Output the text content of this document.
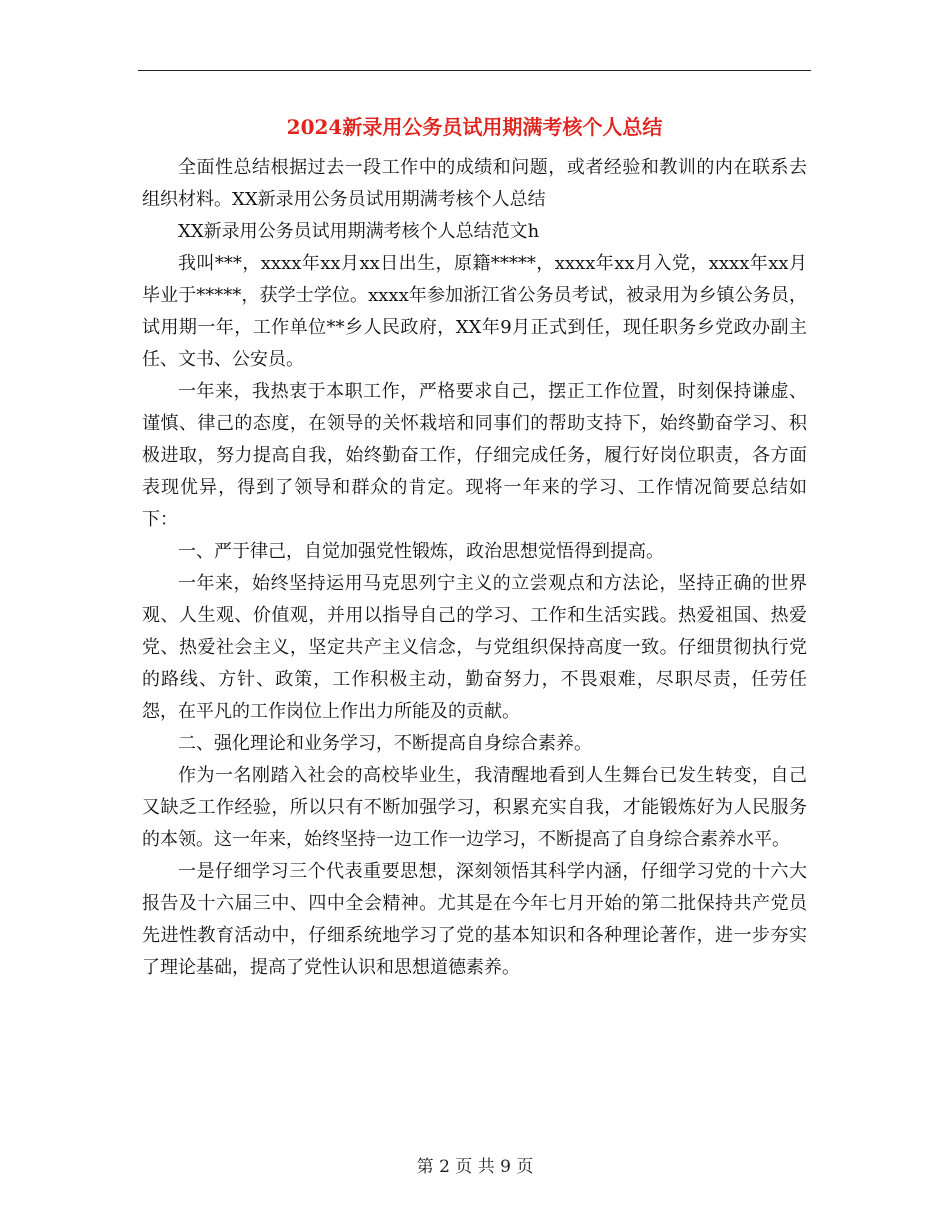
2024新录用公务员试用期满考核个人总结

全面性总结根据过去一段工作中的成绩和问题，或者经验和教训的内在联系去组织材料。XX新录用公务员试用期满考核个人总结

XX新录用公务员试用期满考核个人总结范文h

我叫***，xxxx年xx月xx日出生，原籍*****，xxxx年xx月入党，xxxx年xx月毕业于*****，获学士学位。xxxx年参加浙江省公务员考试，被录用为乡镇公务员，试用期一年，工作单位**乡人民政府，XX年9月正式到任，现任职务乡党政办副主任、文书、公安员。

一年来，我热衷于本职工作，严格要求自己，摆正工作位置，时刻保持谦虚、谨慎、律己的态度，在领导的关怀栽培和同事们的帮助支持下，始终勤奋学习、积极进取，努力提高自我，始终勤奋工作，仔细完成任务，履行好岗位职责，各方面表现优异，得到了领导和群众的肯定。现将一年来的学习、工作情况简要总结如下：

一、严于律己，自觉加强党性锻炼，政治思想觉悟得到提高。

一年来，始终坚持运用马克思列宁主义的立尝观点和方法论，坚持正确的世界观、人生观、价值观，并用以指导自己的学习、工作和生活实践。热爱祖国、热爱党、热爱社会主义，坚定共产主义信念，与党组织保持高度一致。仔细贯彻执行党的路线、方针、政策，工作积极主动，勤奋努力，不畏艰难，尽职尽责，任劳任怨，在平凡的工作岗位上作出力所能及的贡献。

二、强化理论和业务学习，不断提高自身综合素养。

作为一名刚踏入社会的高校毕业生，我清醒地看到人生舞台已发生转变，自己又缺乏工作经验，所以只有不断加强学习，积累充实自我，才能锻炼好为人民服务的本领。这一年来，始终坚持一边工作一边学习，不断提高了自身综合素养水平。

一是仔细学习三个代表重要思想，深刻领悟其科学内涵，仔细学习党的十六大报告及十六届三中、四中全会精神。尤其是在今年七月开始的第二批保持共产党员先进性教育活动中，仔细系统地学习了党的基本知识和各种理论著作，进一步夯实了理论基础，提高了党性认识和思想道德素养。

第 2 页 共 9 页
